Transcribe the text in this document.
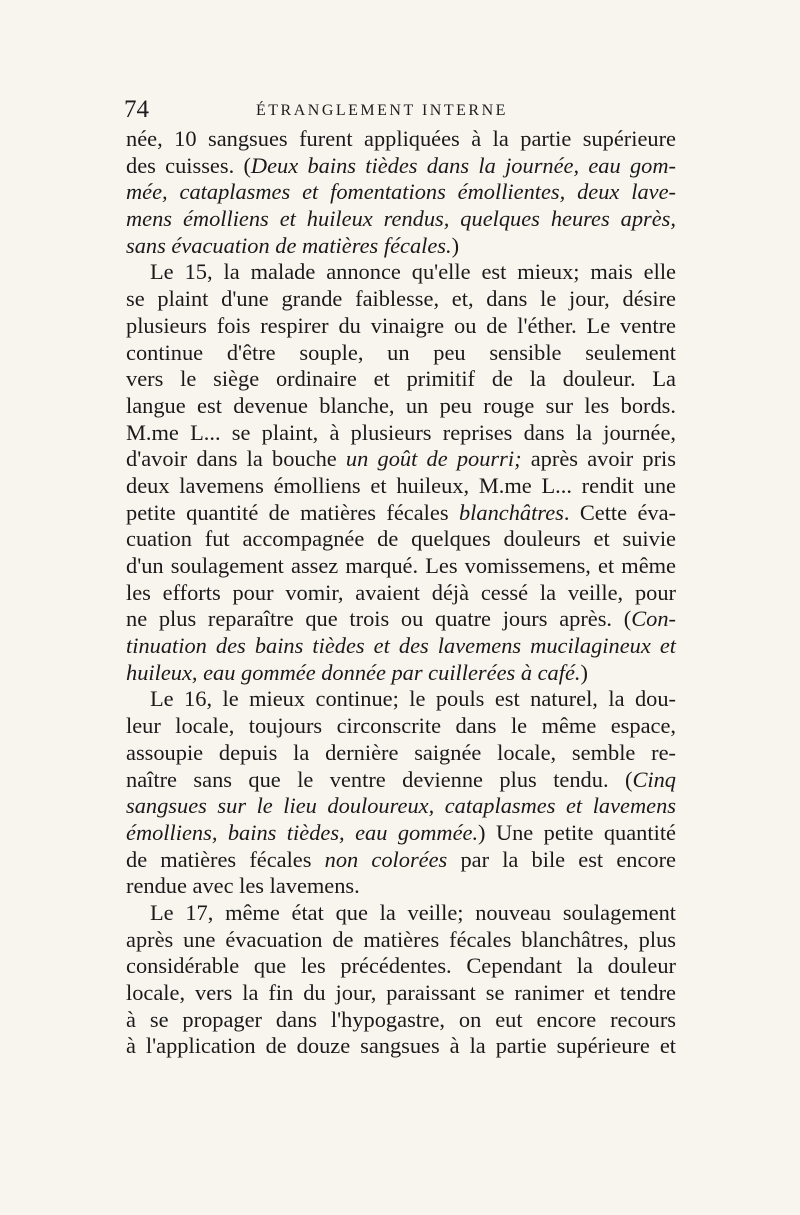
74	ÉTRANGLEMENT INTERNE
née, 10 sangsues furent appliquées à la partie supérieure
des cuisses. (Deux bains tièdes dans la journée, eau gom-
mée, cataplasmes et fomentations émollientes, deux lave-
mens émolliens et huileux rendus, quelques heures après,
sans évacuation de matières fécales.)
Le 15, la malade annonce qu'elle est mieux; mais elle
se plaint d'une grande faiblesse, et, dans le jour, désire
plusieurs fois respirer du vinaigre ou de l'éther. Le ventre
continue d'être souple, un peu sensible seulement
vers le siège ordinaire et primitif de la douleur. La
langue est devenue blanche, un peu rouge sur les bords.
M.me L... se plaint, à plusieurs reprises dans la journée,
d'avoir dans la bouche un goût de pourri; après avoir pris
deux lavemens émolliens et huileux, M.me L... rendit une
petite quantité de matières fécales blanchâtres. Cette éva-
cuation fut accompagnée de quelques douleurs et suivie
d'un soulagement assez marqué. Les vomissemens, et même
les efforts pour vomir, avaient déjà cessé la veille, pour
ne plus reparaître que trois ou quatre jours après. (Con-
tinuation des bains tièdes et des lavemens mucilagineux et
huileux, eau gommée donnée par cuillerées à café.)
Le 16, le mieux continue; le pouls est naturel, la dou-
leur locale, toujours circonscrite dans le même espace,
assoupie depuis la dernière saignée locale, semble re-
naître sans que le ventre devienne plus tendu. (Cinq
sangsues sur le lieu douloureux, cataplasmes et lavemens
émolliens, bains tièdes, eau gommée.) Une petite quantité
de matières fécales non colorées par la bile est encore
rendue avec les lavemens.
Le 17, même état que la veille; nouveau soulagement
après une évacuation de matières fécales blanchâtres, plus
considérable que les précédentes. Cependant la douleur
locale, vers la fin du jour, paraissant se ranimer et tendre
à se propager dans l'hypogastre, on eut encore recours
à l'application de douze sangsues à la partie supérieure et
